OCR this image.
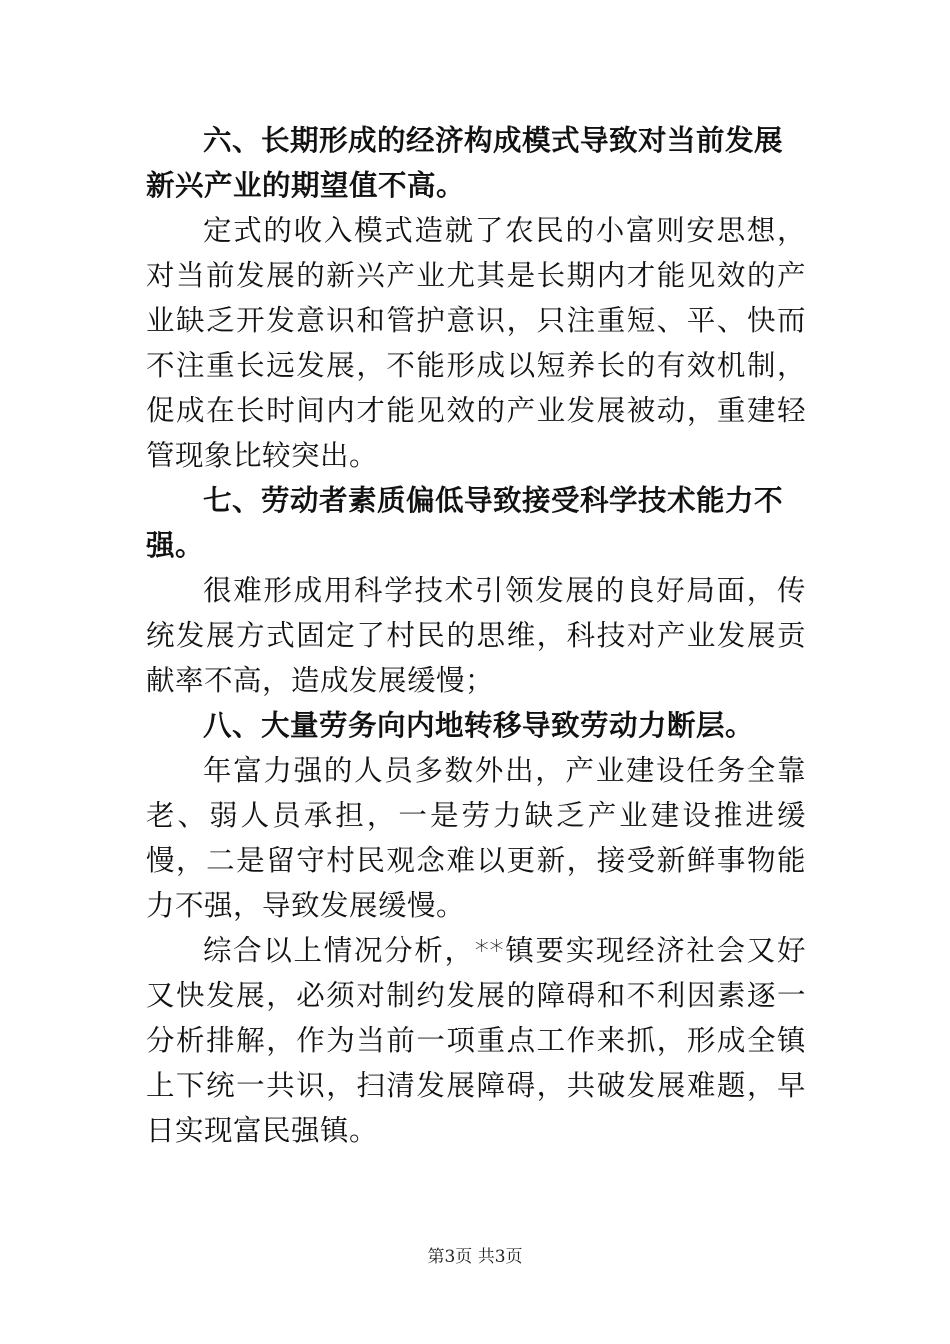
六、长期形成的经济构成模式导致对当前发展新兴产业的期望值不高。

定式的收入模式造就了农民的小富则安思想，对当前发展的新兴产业尤其是长期内才能见效的产业缺乏开发意识和管护意识，只注重短、平、快而不注重长远发展，不能形成以短养长的有效机制，促成在长时间内才能见效的产业发展被动，重建轻管现象比较突出。

七、劳动者素质偏低导致接受科学技术能力不强。

很难形成用科学技术引领发展的良好局面，传统发展方式固定了村民的思维，科技对产业发展贡献率不高，造成发展缓慢；

八、大量劳务向内地转移导致劳动力断层。

年富力强的人员多数外出，产业建设任务全靠老、弱人员承担，一是劳力缺乏产业建设推进缓慢，二是留守村民观念难以更新，接受新鲜事物能力不强，导致发展缓慢。

综合以上情况分析，**镇要实现经济社会又好又快发展，必须对制约发展的障碍和不利因素逐一分析排解，作为当前一项重点工作来抓，形成全镇上下统一共识，扫清发展障碍，共破发展难题，早日实现富民强镇。

第3页 共3页
